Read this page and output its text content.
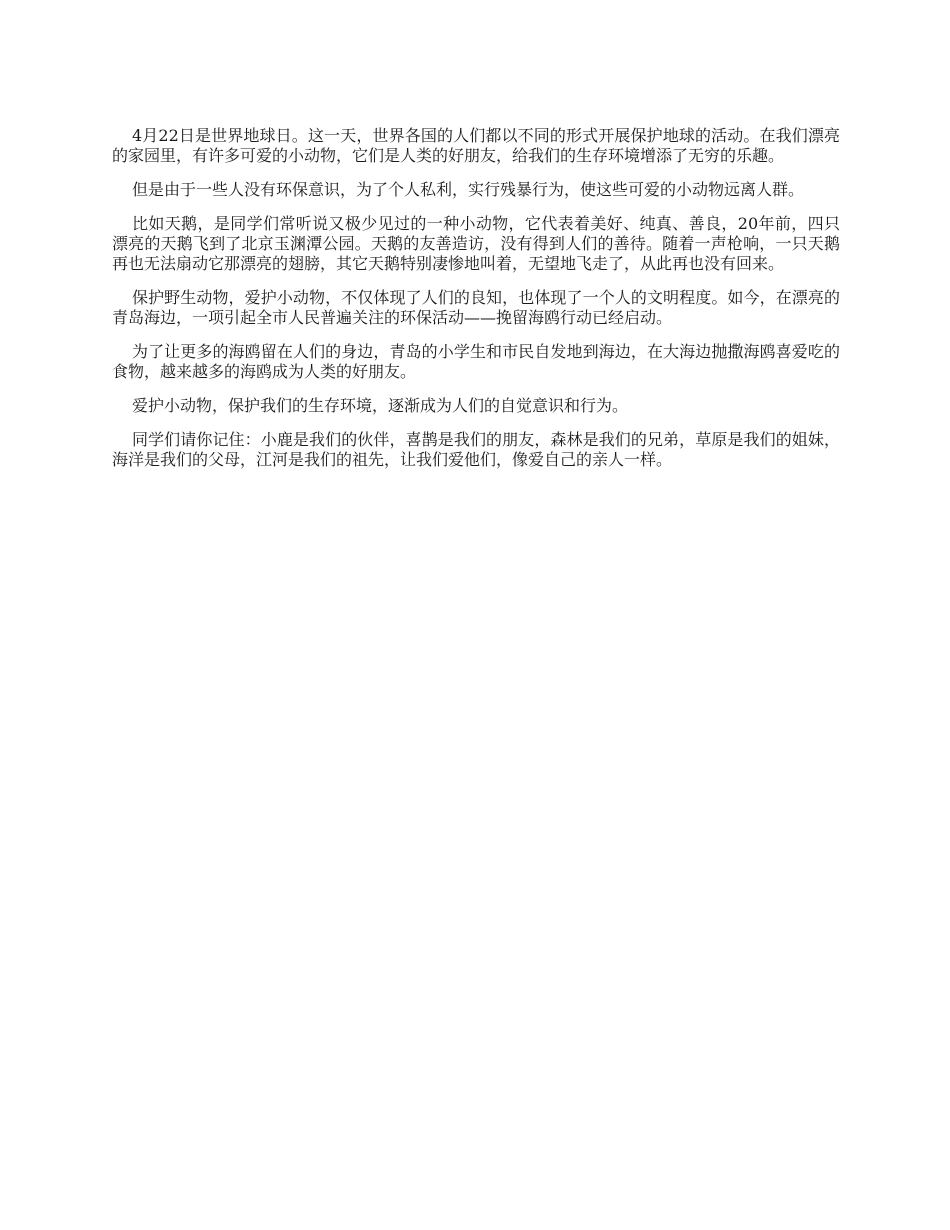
4月22日是世界地球日。这一天，世界各国的人们都以不同的形式开展保护地球的活动。在我们漂亮的家园里，有许多可爱的小动物，它们是人类的好朋友，给我们的生存环境增添了无穷的乐趣。

但是由于一些人没有环保意识，为了个人私利，实行残暴行为，使这些可爱的小动物远离人群。

比如天鹅，是同学们常听说又极少见过的一种小动物，它代表着美好、纯真、善良，20年前，四只漂亮的天鹅飞到了北京玉渊潭公园。天鹅的友善造访，没有得到人们的善待。随着一声枪响，一只天鹅再也无法扇动它那漂亮的翅膀，其它天鹅特别凄惨地叫着，无望地飞走了，从此再也没有回来。

保护野生动物，爱护小动物，不仅体现了人们的良知，也体现了一个人的文明程度。如今，在漂亮的青岛海边，一项引起全市人民普遍关注的环保活动——挽留海鸥行动已经启动。

为了让更多的海鸥留在人们的身边，青岛的小学生和市民自发地到海边，在大海边抛撒海鸥喜爱吃的食物，越来越多的海鸥成为人类的好朋友。

爱护小动物，保护我们的生存环境，逐渐成为人们的自觉意识和行为。

同学们请你记住：小鹿是我们的伙伴，喜鹊是我们的朋友，森林是我们的兄弟，草原是我们的姐妹，海洋是我们的父母，江河是我们的祖先，让我们爱他们，像爱自己的亲人一样。
